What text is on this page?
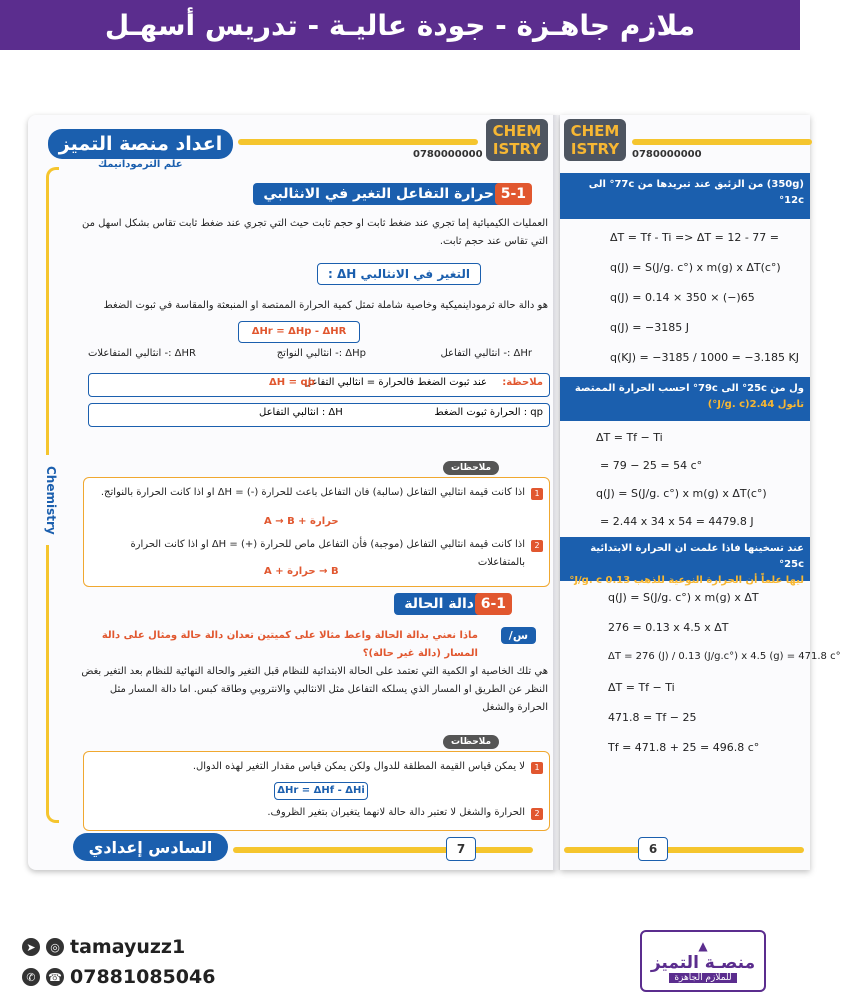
ملازم جاهـزة - جودة عاليـة - تدريس أسهـل
اعداد منصة التميز
علم الثرمودانيمك
0780000000
CHEM ISTRY
Chemistry
حرارة التفاعل التغير في الانثالبي 5-1
العمليات الكيميائية إما تجري عند ضغط ثابت او حجم ثابت حيث التي تجري عند ضغط ثابت تقاس بشكل اسهل من التي تقاس عند حجم ثابت.
التغير في الانثالبي ΔH :
هو دالة حالة ثرموداينميكية وخاصية شاملة تمثل كمية الحرارة الممتصة او المنبعثة والمقاسة في ثبوت الضغط
ΔHr = ΔHp - ΔHR
ΔHr :- انثالبي التفاعل
ΔHp :- انثالبي النواتج
ΔHR :- انثالبي المتفاعلات
ملاحظة:
عند ثبوت الضغط فالحرارة = انثالبي التفاعل
ΔH = qp
qp : الحرارة ثبوت الضغط
ΔH : انثالبي التفاعل
ملاحظات
1
اذا كانت قيمة انثالبي التفاعل (سالبة) فان التفاعل باعث للحرارة (-) = ΔH او اذا كانت الحرارة بالنواتج.
A → B + حرارة
2
اذا كانت قيمة انثالبي التفاعل (موجبة) فأن التفاعل ماص للحرارة (+) = ΔH او اذا كانت الحرارة بالمتفاعلات
A + حرارة → B
دالة الحالة 6-1
ماذا نعني بدالة الحالة واعط مثالا على كميتين تعدان دالة حالة ومثال على دالة المسار (دالة غير حالة)؟
س/
هي تلك الخاصية او الكمية التي تعتمد على الحالة الابتدائية للنظام قبل التغير والحالة النهائية للنظام بعد التغير بغض النظر عن الطريق او المسار الذي يسلكه التفاعل مثل الانثالبي والانتروبي وطاقة كبس. اما دالة المسار مثل الحرارة والشغل
ملاحظات
1
لا يمكن قياس القيمة المطلقة للدوال ولكن يمكن قياس مقدار التغير لهذه الدوال.
ΔHr = ΔHf - ΔHi
2
الحرارة والشغل لا تعتبر دالة حالة لانهما يتغيران بتغير الظروف.
السادس إعدادي	7
CHEM ISTRY	0780000000
(350g) من الزئبق عند تبريدها من 77c° الى 12c°
ΔT = Tf - Ti => ΔT = 12 - 77 =
q(J) = S(J/g. c°) x m(g) x ΔT(c°)
q(J) = 0.14 × 350 × (−)65
q(J) = −3185 J
q(KJ) = −3185 / 1000 = −3.185 KJ
ول من 25c° الى 79c° احسب الحرارة الممتصة
تانول 2.44(J/g. c°)
ΔT = Tf − Ti
= 79 − 25 = 54 c°
q(J) = S(J/g. c°) x m(g) x ΔT(c°)
= 2.44 x 34 x 54 = 4479.8 J
عند تسخينها فاذا علمت ان الحرارة الابتدائية 25c°
ليها علماً أن الحرارة النوعية للذهب 0.13 J/g. c°
q(J) = S(J/g. c°) x m(g) x ΔT
276 = 0.13 x 4.5 x ΔT
ΔT = 276 (J) / 0.13 (J/g.c°) x 4.5 (g) = 471.8 c°
ΔT = Tf − Ti
471.8 = Tf − 25
Tf = 471.8 + 25 = 496.8 c°
6
➤	◎ tamayuzz1
✆	☎ 07881085046
▲
منصـة التميز
للملازم الجاهزة
